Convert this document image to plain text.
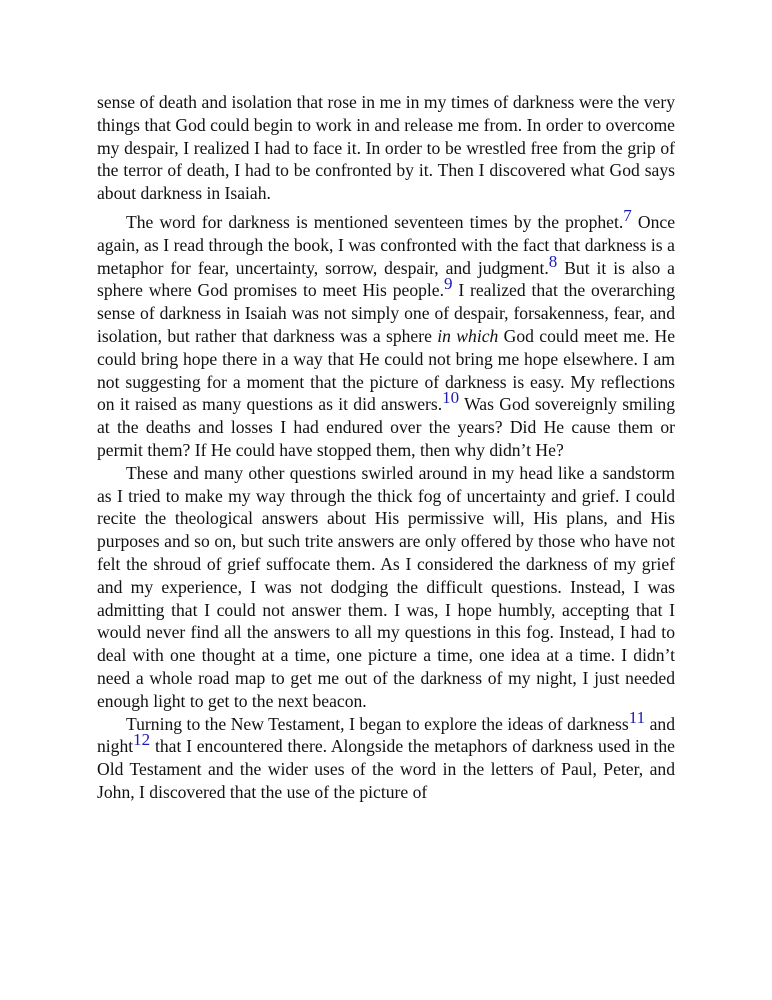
sense of death and isolation that rose in me in my times of darkness were the very things that God could begin to work in and release me from. In order to overcome my despair, I realized I had to face it. In order to be wrestled free from the grip of the terror of death, I had to be confronted by it. Then I discovered what God says about darkness in Isaiah.

The word for darkness is mentioned seventeen times by the prophet.$^7$ Once again, as I read through the book, I was confronted with the fact that darkness is a metaphor for fear, uncertainty, sorrow, despair, and judgment.$^8$ But it is also a sphere where God promises to meet His people.$^9$ I realized that the overarching sense of darkness in Isaiah was not simply one of despair, forsakenness, fear, and isolation, but rather that darkness was a sphere in which God could meet me. He could bring hope there in a way that He could not bring me hope elsewhere. I am not suggesting for a moment that the picture of darkness is easy. My reflections on it raised as many questions as it did answers.$^{10}$ Was God sovereignly smiling at the deaths and losses I had endured over the years? Did He cause them or permit them? If He could have stopped them, then why didn’t He?

These and many other questions swirled around in my head like a sandstorm as I tried to make my way through the thick fog of uncertainty and grief. I could recite the theological answers about His permissive will, His plans, and His purposes and so on, but such trite answers are only offered by those who have not felt the shroud of grief suffocate them. As I considered the darkness of my grief and my experience, I was not dodging the difficult questions. Instead, I was admitting that I could not answer them. I was, I hope humbly, accepting that I would never find all the answers to all my questions in this fog. Instead, I had to deal with one thought at a time, one picture a time, one idea at a time. I didn’t need a whole road map to get me out of the darkness of my night, I just needed enough light to get to the next beacon.

Turning to the New Testament, I began to explore the ideas of darkness$^{11}$ and night$^{12}$ that I encountered there. Alongside the metaphors of darkness used in the Old Testament and the wider uses of the word in the letters of Paul, Peter, and John, I discovered that the use of the picture of
